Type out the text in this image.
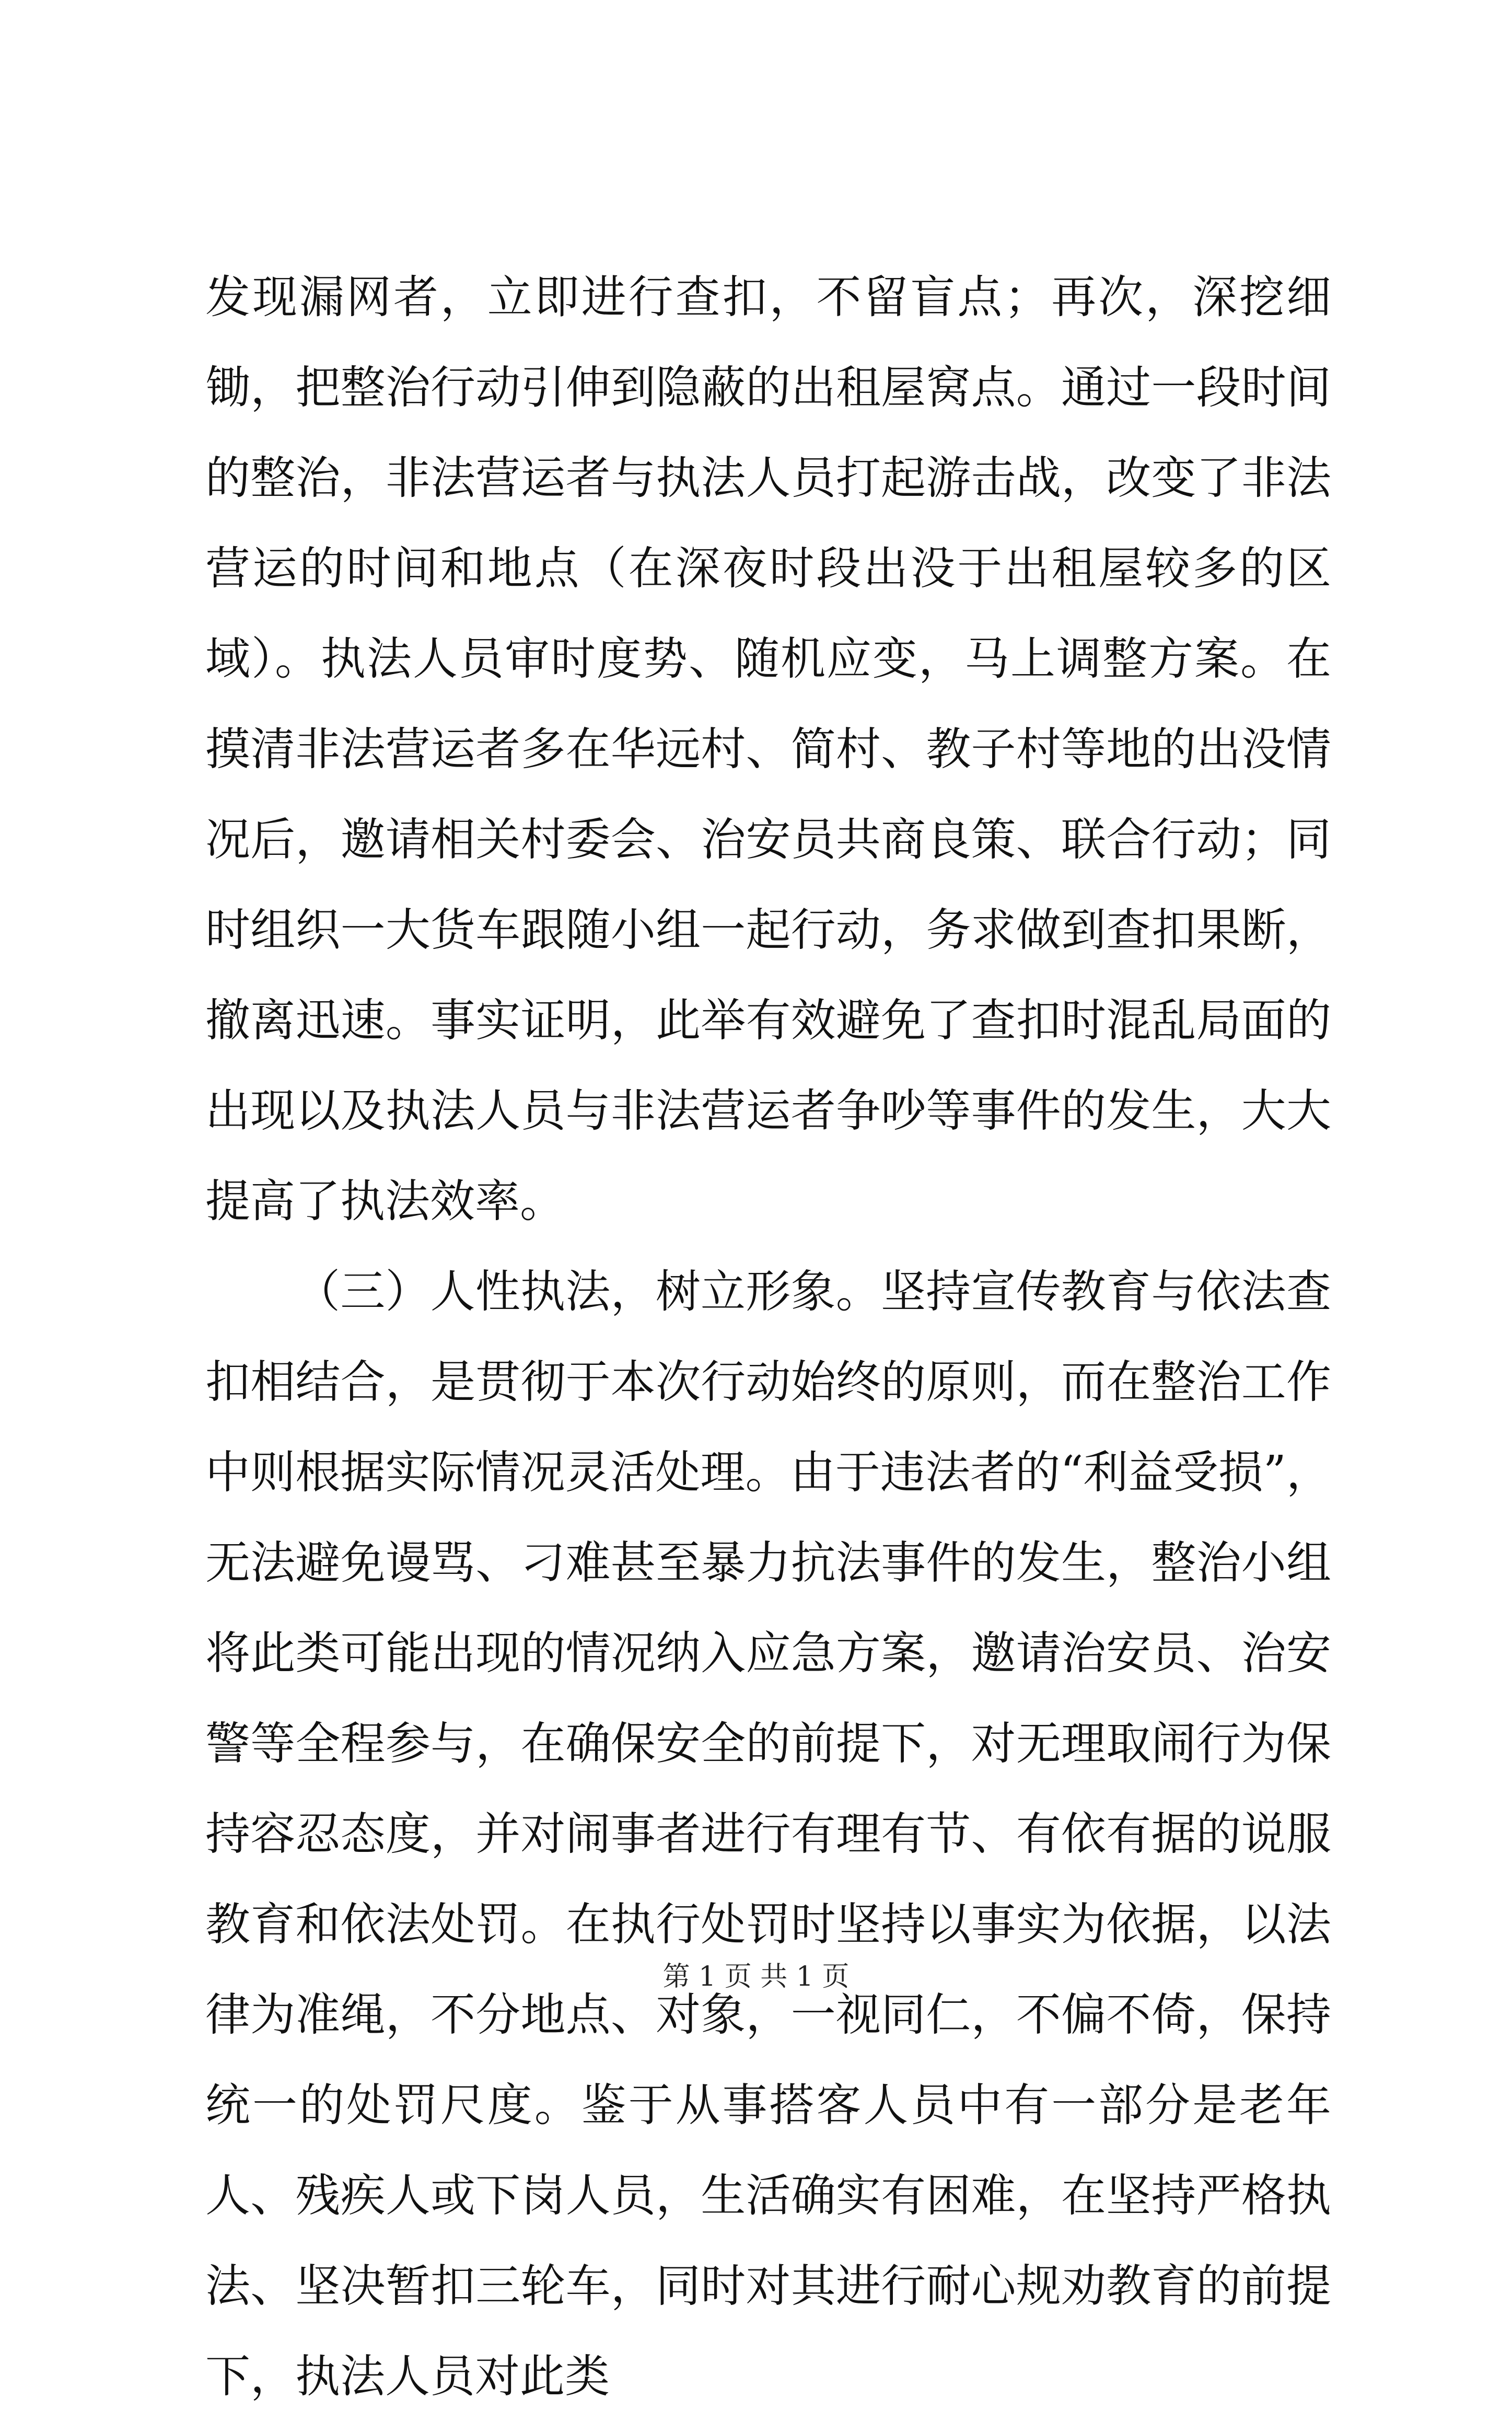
发现漏网者，立即进行查扣，不留盲点；再次，深挖细锄，把整治行动引伸到隐蔽的出租屋窝点。通过一段时间的整治，非法营运者与执法人员打起游击战，改变了非法营运的时间和地点（在深夜时段出没于出租屋较多的区域）。执法人员审时度势、随机应变，马上调整方案。在摸清非法营运者多在华远村、简村、教子村等地的出没情况后，邀请相关村委会、治安员共商良策、联合行动；同时组织一大货车跟随小组一起行动，务求做到查扣果断，撤离迅速。事实证明，此举有效避免了查扣时混乱局面的出现以及执法人员与非法营运者争吵等事件的发生，大大提高了执法效率。

（三）人性执法，树立形象。坚持宣传教育与依法查扣相结合，是贯彻于本次行动始终的原则，而在整治工作中则根据实际情况灵活处理。由于违法者的“利益受损”，无法避免谩骂、刁难甚至暴力抗法事件的发生，整治小组将此类可能出现的情况纳入应急方案，邀请治安员、治安警等全程参与，在确保安全的前提下，对无理取闹行为保持容忍态度，并对闹事者进行有理有节、有依有据的说服教育和依法处罚。在执行处罚时坚持以事实为依据，以法律为准绳，不分地点、对象，一视同仁，不偏不倚，保持统一的处罚尺度。鉴于从事搭客人员中有一部分是老年人、残疾人或下岗人员，生活确实有困难，在坚持严格执法、坚决暂扣三轮车，同时对其进行耐心规劝教育的前提下，执法人员对此类

第 1 页 共 1 页
